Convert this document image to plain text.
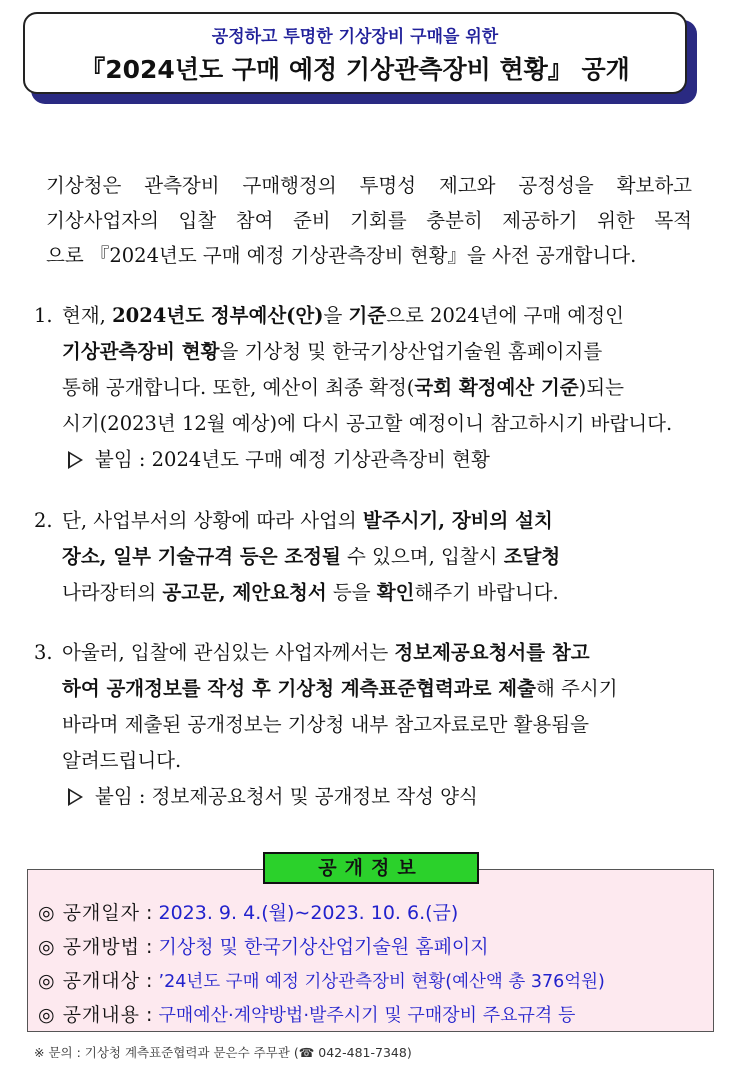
공정하고 투명한 기상장비 구매을 위한
『2024년도 구매 예정 기상관측장비 현황』 공개
기상청은 관측장비 구매행정의 투명성 제고와 공정성을 확보하고
기상사업자의 입찰 참여 준비 기회를 충분히 제공하기 위한 목적
으로 『2024년도 구매 예정 기상관측장비 현황』을 사전 공개합니다.
1. 현재, 2024년도 정부예산(안)을 기준으로 2024년에 구매 예정인
기상관측장비 현황을 기상청 및 한국기상산업기술원 홈페이지를
통해 공개합니다. 또한, 예산이 최종 확정(국회 확정예산 기준)되는
시기(2023년 12월 예상)에 다시 공고할 예정이니 참고하시기 바랍니다.
붙임 : 2024년도 구매 예정 기상관측장비 현황
2. 단, 사업부서의 상황에 따라 사업의 발주시기, 장비의 설치
장소, 일부 기술규격 등은 조정될 수 있으며, 입찰시 조달청
나라장터의 공고문, 제안요청서 등을 확인해주기 바랍니다.
3. 아울러, 입찰에 관심있는 사업자께서는 정보제공요청서를 참고
하여 공개정보를 작성 후 기상청 계측표준협력과로 제출해 주시기
바라며 제출된 공개정보는 기상청 내부 참고자료로만 활용됨을
알려드립니다.
붙임 : 정보제공요청서 및 공개정보 작성 양식
공개정보
◎ 공개일자 : 2023. 9. 4.(월)∼2023. 10. 6.(금)
◎ 공개방법 : 기상청 및 한국기상산업기술원 홈페이지
◎ 공개대상 : ’24년도 구매 예정 기상관측장비 현황(예산액 총 376억원)
◎ 공개내용 : 구매예산·계약방법·발주시기 및 구매장비 주요규격 등
※ 문의 : 기상청 계측표준협력과 문은수 주무관 (☎ 042-481-7348)
